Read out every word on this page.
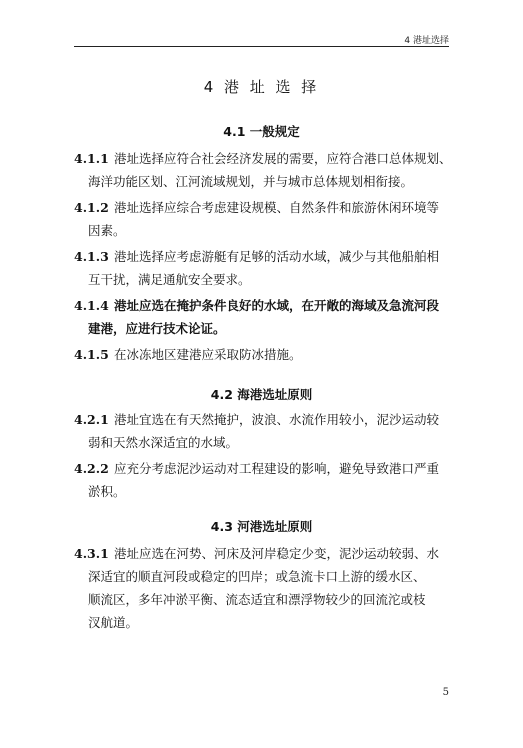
4 港址选择
4 港 址 选 择
4.1 一般规定
4.1.1 港址选择应符合社会经济发展的需要，应符合港口总体规划、
海洋功能区划、江河流域规划，并与城市总体规划相衔接。
4.1.2 港址选择应综合考虑建设规模、自然条件和旅游休闲环境等
因素。
4.1.3 港址选择应考虑游艇有足够的活动水域，减少与其他船舶相
互干扰，满足通航安全要求。
4.1.4 港址应选在掩护条件良好的水域，在开敞的海域及急流河段
建港，应进行技术论证。
4.1.5 在冰冻地区建港应采取防冰措施。
4.2 海港选址原则
4.2.1 港址宜选在有天然掩护，波浪、水流作用较小，泥沙运动较
弱和天然水深适宜的水域。
4.2.2 应充分考虑泥沙运动对工程建设的影响，避免导致港口严重
淤积。
4.3 河港选址原则
4.3.1 港址应选在河势、河床及河岸稳定少变，泥沙运动较弱、水
深适宜的顺直河段或稳定的凹岸；或急流卡口上游的缓水区、
顺流区，多年冲淤平衡、流态适宜和漂浮物较少的回流沱或枝
汊航道。
5
